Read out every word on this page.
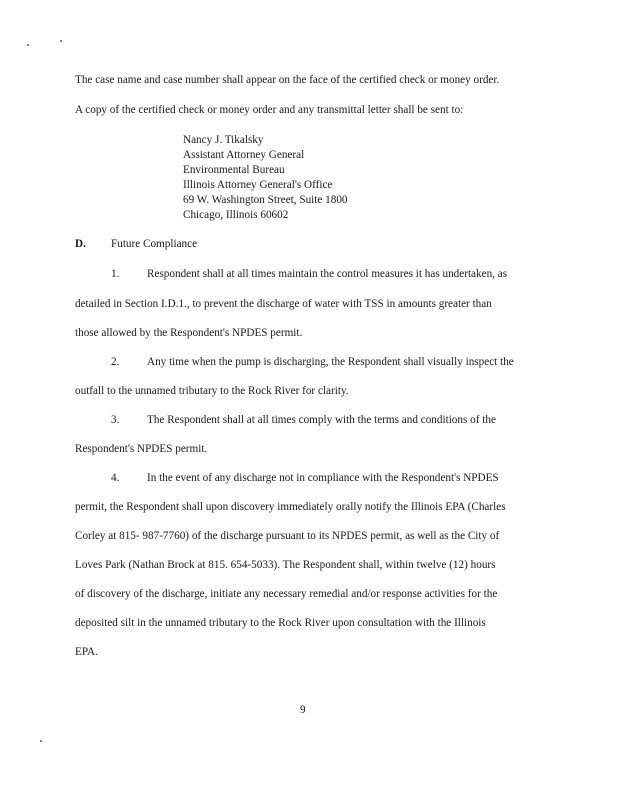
The case name and case number shall appear on the face of the certified check or money order.
A copy of the certified check or money order and any transmittal letter shall be sent to:
Nancy J. Tikalsky
Assistant Attorney General
Environmental Bureau
Illinois Attorney General's Office
69 W. Washington Street, Suite 1800
Chicago, Illinois 60602
D. Future Compliance
1. Respondent shall at all times maintain the control measures it has undertaken, as
detailed in Section I.D.1., to prevent the discharge of water with TSS in amounts greater than
those allowed by the Respondent's NPDES permit.
2. Any time when the pump is discharging, the Respondent shall visually inspect the
outfall to the unnamed tributary to the Rock River for clarity.
3. The Respondent shall at all times comply with the terms and conditions of the
Respondent's NPDES permit.
4. In the event of any discharge not in compliance with the Respondent's NPDES
permit, the Respondent shall upon discovery immediately orally notify the Illinois EPA (Charles
Corley at 815- 987-7760) of the discharge pursuant to its NPDES permit, as well as the City of
Loves Park (Nathan Brock at 815. 654-5033). The Respondent shall, within twelve (12) hours
of discovery of the discharge, initiate any necessary remedial and/or response activities for the
deposited silt in the unnamed tributary to the Rock River upon consultation with the Illinois
EPA.
9
